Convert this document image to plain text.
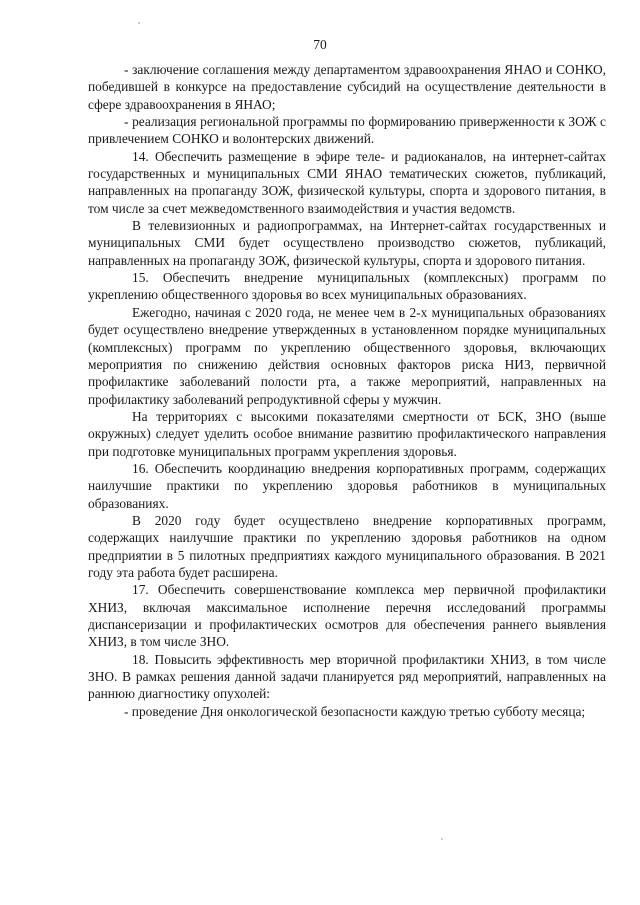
70

- заключение соглашения между департаментом здравоохранения ЯНАО и СОНКО, победившей в конкурсе на предоставление субсидий на осуществление деятельности в сфере здравоохранения в ЯНАО;

- реализация региональной программы по формированию приверженности к ЗОЖ с привлечением СОНКО и волонтерских движений.

14. Обеспечить размещение в эфире теле- и радиоканалов, на интернет-сайтах государственных и муниципальных СМИ ЯНАО тематических сюжетов, публикаций, направленных на пропаганду ЗОЖ, физической культуры, спорта и здорового питания, в том числе за счет межведомственного взаимодействия и участия ведомств.

В телевизионных и радиопрограммах, на Интернет-сайтах государственных и муниципальных СМИ будет осуществлено производство сюжетов, публикаций, направленных на пропаганду ЗОЖ, физической культуры, спорта и здорового питания.

15. Обеспечить внедрение муниципальных (комплексных) программ по укреплению общественного здоровья во всех муниципальных образованиях.

Ежегодно, начиная с 2020 года, не менее чем в 2-х муниципальных образованиях будет осуществлено внедрение утвержденных в установленном порядке муниципальных (комплексных) программ по укреплению общественного здоровья, включающих мероприятия по снижению действия основных факторов риска НИЗ, первичной профилактике заболеваний полости рта, а также мероприятий, направленных на профилактику заболеваний репродуктивной сферы у мужчин.

На территориях с высокими показателями смертности от БСК, ЗНО (выше окружных) следует уделить особое внимание развитию профилактического направления при подготовке муниципальных программ укрепления здоровья.

16. Обеспечить координацию внедрения корпоративных программ, содержащих наилучшие практики по укреплению здоровья работников в муниципальных образованиях.

В 2020 году будет осуществлено внедрение корпоративных программ, содержащих наилучшие практики по укреплению здоровья работников на одном предприятии в 5 пилотных предприятиях каждого муниципального образования. В 2021 году эта работа будет расширена.

17. Обеспечить совершенствование комплекса мер первичной профилактики ХНИЗ, включая максимальное исполнение перечня исследований программы диспансеризации и профилактических осмотров для обеспечения раннего выявления ХНИЗ, в том числе ЗНО.

18. Повысить эффективность мер вторичной профилактики ХНИЗ, в том числе ЗНО. В рамках решения данной задачи планируется ряд мероприятий, направленных на раннюю диагностику опухолей:

- проведение Дня онкологической безопасности каждую третью субботу месяца;
